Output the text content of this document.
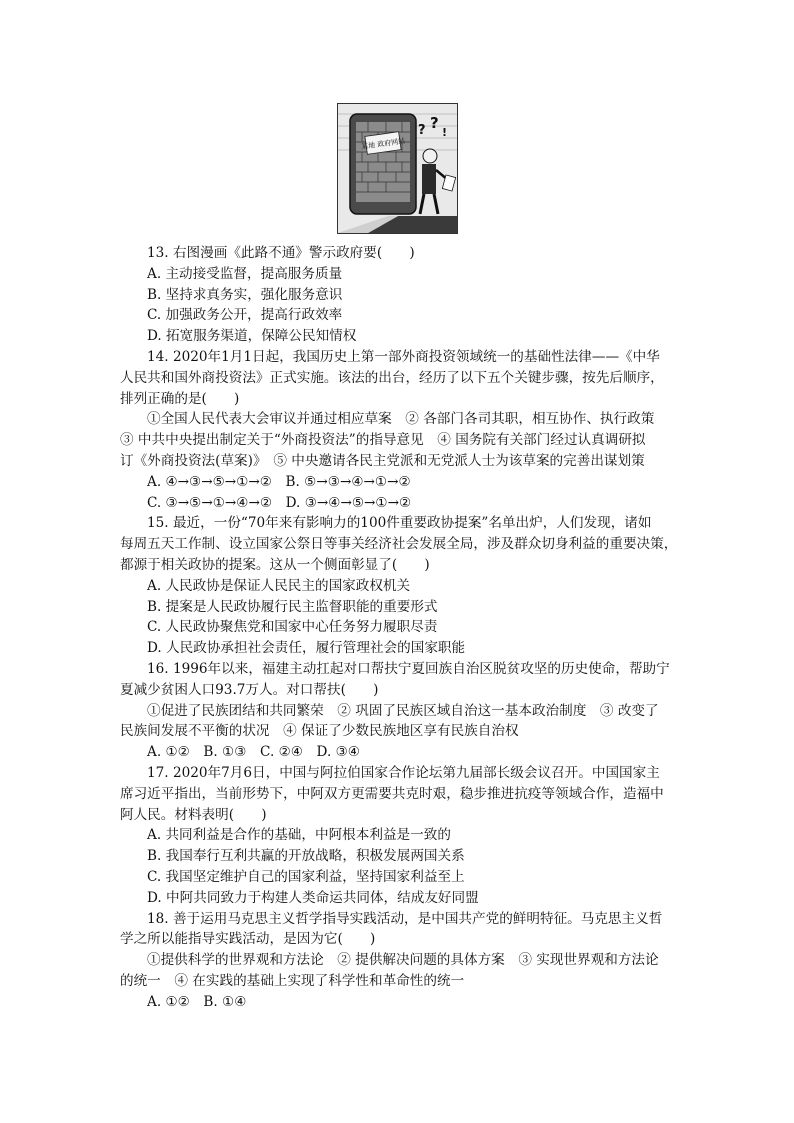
某地 政府网站
? ?
!

13. 右图漫画《此路不通》警示政府要(　　)

A. 主动接受监督，提高服务质量

B. 坚持求真务实，强化服务意识

C. 加强政务公开，提高行政效率

D. 拓宽服务渠道，保障公民知情权

14. 2020年1月1日起，我国历史上第一部外商投资领域统一的基础性法律——《中华

人民共和国外商投资法》正式实施。该法的出台，经历了以下五个关键步骤，按先后顺序，

排列正确的是(　　)

①全国人民代表大会审议并通过相应草案　② 各部门各司其职，相互协作、执行政策

③ 中共中央提出制定关于“外商投资法”的指导意见　④ 国务院有关部门经过认真调研拟

订《外商投资法(草案)》　⑤ 中央邀请各民主党派和无党派人士为该草案的完善出谋划策

A. ④→③→⑤→①→②　B. ⑤→③→④→①→②

C. ③→⑤→①→④→②　D. ③→④→⑤→①→②

15. 最近，一份“70年来有影响力的100件重要政协提案”名单出炉，人们发现，诸如

每周五天工作制、设立国家公祭日等事关经济社会发展全局，涉及群众切身利益的重要决策，

都源于相关政协的提案。这从一个侧面彰显了(　　)

A. 人民政协是保证人民民主的国家政权机关

B. 提案是人民政协履行民主监督职能的重要形式

C. 人民政协聚焦党和国家中心任务努力履职尽责

D. 人民政协承担社会责任，履行管理社会的国家职能

16. 1996年以来，福建主动扛起对口帮扶宁夏回族自治区脱贫攻坚的历史使命，帮助宁

夏减少贫困人口93.7万人。对口帮扶(　　)

①促进了民族团结和共同繁荣　② 巩固了民族区域自治这一基本政治制度　③ 改变了

民族间发展不平衡的状况　④ 保证了少数民族地区享有民族自治权

A. ①②　B. ①③　C. ②④　D. ③④

17. 2020年7月6日，中国与阿拉伯国家合作论坛第九届部长级会议召开。中国国家主

席习近平指出，当前形势下，中阿双方更需要共克时艰，稳步推进抗疫等领域合作，造福中

阿人民。材料表明(　　)

A. 共同利益是合作的基础，中阿根本利益是一致的

B. 我国奉行互利共赢的开放战略，积极发展两国关系

C. 我国坚定维护自己的国家利益，坚持国家利益至上

D. 中阿共同致力于构建人类命运共同体，结成友好同盟

18. 善于运用马克思主义哲学指导实践活动，是中国共产党的鲜明特征。马克思主义哲

学之所以能指导实践活动，是因为它(　　)

①提供科学的世界观和方法论　② 提供解决问题的具体方案　③ 实现世界观和方法论

的统一　④ 在实践的基础上实现了科学性和革命性的统一

A. ①②　B. ①④
